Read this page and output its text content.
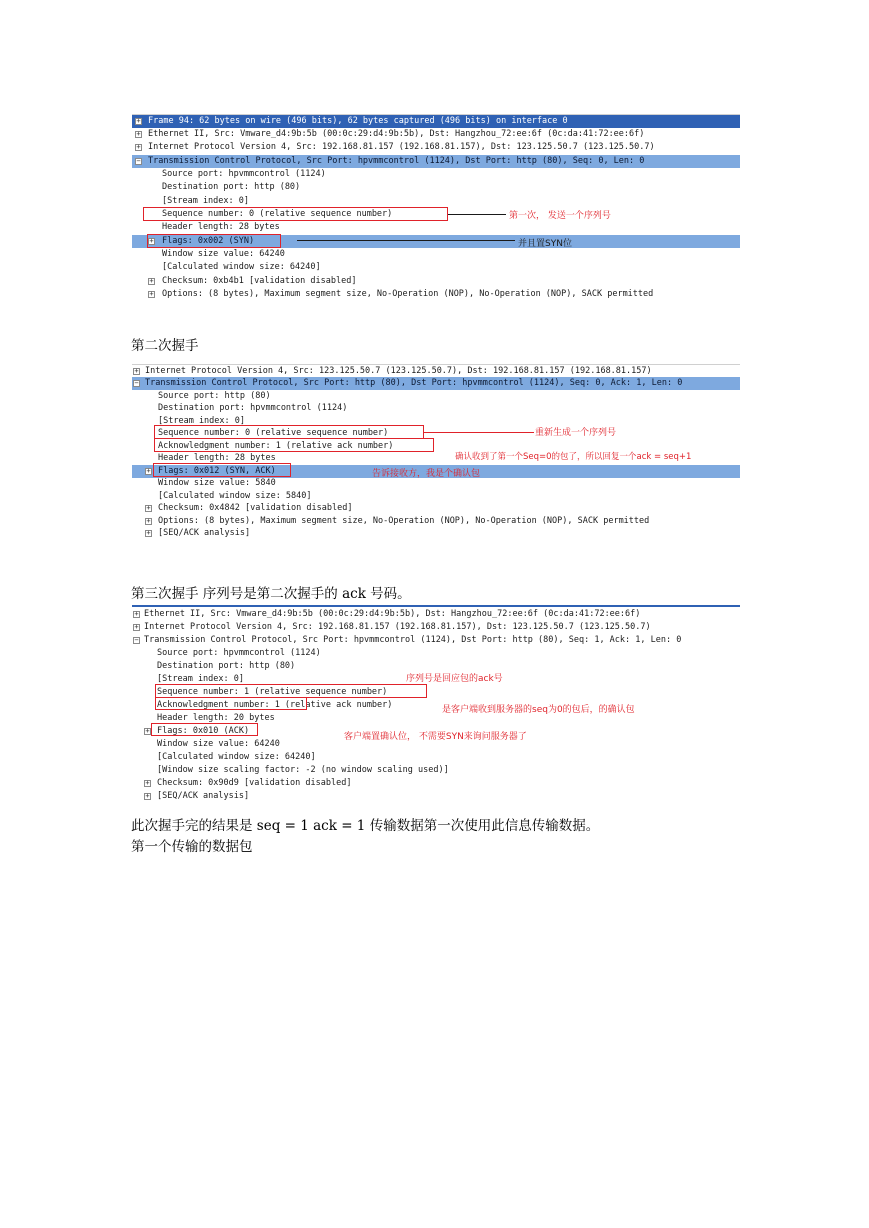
+
Frame 94: 62 bytes on wire (496 bits), 62 bytes captured (496 bits) on interface 0
+
Ethernet II, Src: Vmware_d4:9b:5b (00:0c:29:d4:9b:5b), Dst: Hangzhou_72:ee:6f (0c:da:41:72:ee:6f)
+
Internet Protocol Version 4, Src: 192.168.81.157 (192.168.81.157), Dst: 123.125.50.7 (123.125.50.7)
−
Transmission Control Protocol, Src Port: hpvmmcontrol (1124), Dst Port: http (80), Seq: 0, Len: 0
Source port: hpvmmcontrol (1124)
Destination port: http (80)
[Stream index: 0]
Sequence number: 0 (relative sequence number)
Header length: 28 bytes
+
Flags: 0x002 (SYN)
Window size value: 64240
[Calculated window size: 64240]
+
Checksum: 0xb4b1 [validation disabled]
+
Options: (8 bytes), Maximum segment size, No-Operation (NOP), No-Operation (NOP), SACK permitted
第一次， 发送一个序列号
并且置SYN位
第二次握手
+
Internet Protocol Version 4, Src: 123.125.50.7 (123.125.50.7), Dst: 192.168.81.157 (192.168.81.157)
−
Transmission Control Protocol, Src Port: http (80), Dst Port: hpvmmcontrol (1124), Seq: 0, Ack: 1, Len: 0
Source port: http (80)
Destination port: hpvmmcontrol (1124)
[Stream index: 0]
Sequence number: 0 (relative sequence number)
Acknowledgment number: 1 (relative ack number)
Header length: 28 bytes
+
Flags: 0x012 (SYN, ACK)
Window size value: 5840
[Calculated window size: 5840]
+
Checksum: 0x4842 [validation disabled]
+
Options: (8 bytes), Maximum segment size, No-Operation (NOP), No-Operation (NOP), SACK permitted
+
[SEQ/ACK analysis]
重新生成一个序列号
确认收到了第一个Seq=0的包了，所以回复一个ack = seq+1
告诉接收方，我是个确认包
第三次握手 序列号是第二次握手的 ack 号码。
+
Ethernet II, Src: Vmware_d4:9b:5b (00:0c:29:d4:9b:5b), Dst: Hangzhou_72:ee:6f (0c:da:41:72:ee:6f)
+
Internet Protocol Version 4, Src: 192.168.81.157 (192.168.81.157), Dst: 123.125.50.7 (123.125.50.7)
−
Transmission Control Protocol, Src Port: hpvmmcontrol (1124), Dst Port: http (80), Seq: 1, Ack: 1, Len: 0
Source port: hpvmmcontrol (1124)
Destination port: http (80)
[Stream index: 0]
Sequence number: 1 (relative sequence number)
Acknowledgment number: 1 (relative ack number)
Header length: 20 bytes
+
Flags: 0x010 (ACK)
Window size value: 64240
[Calculated window size: 64240]
[Window size scaling factor: -2 (no window scaling used)]
+
Checksum: 0x90d9 [validation disabled]
+
[SEQ/ACK analysis]
序列号是回应包的ack号
是客户端收到服务器的seq为0的包后，的确认包
客户端置确认位， 不需要SYN来询问服务器了
此次握手完的结果是 seq = 1 ack = 1 传输数据第一次使用此信息传输数据。
第一个传输的数据包
